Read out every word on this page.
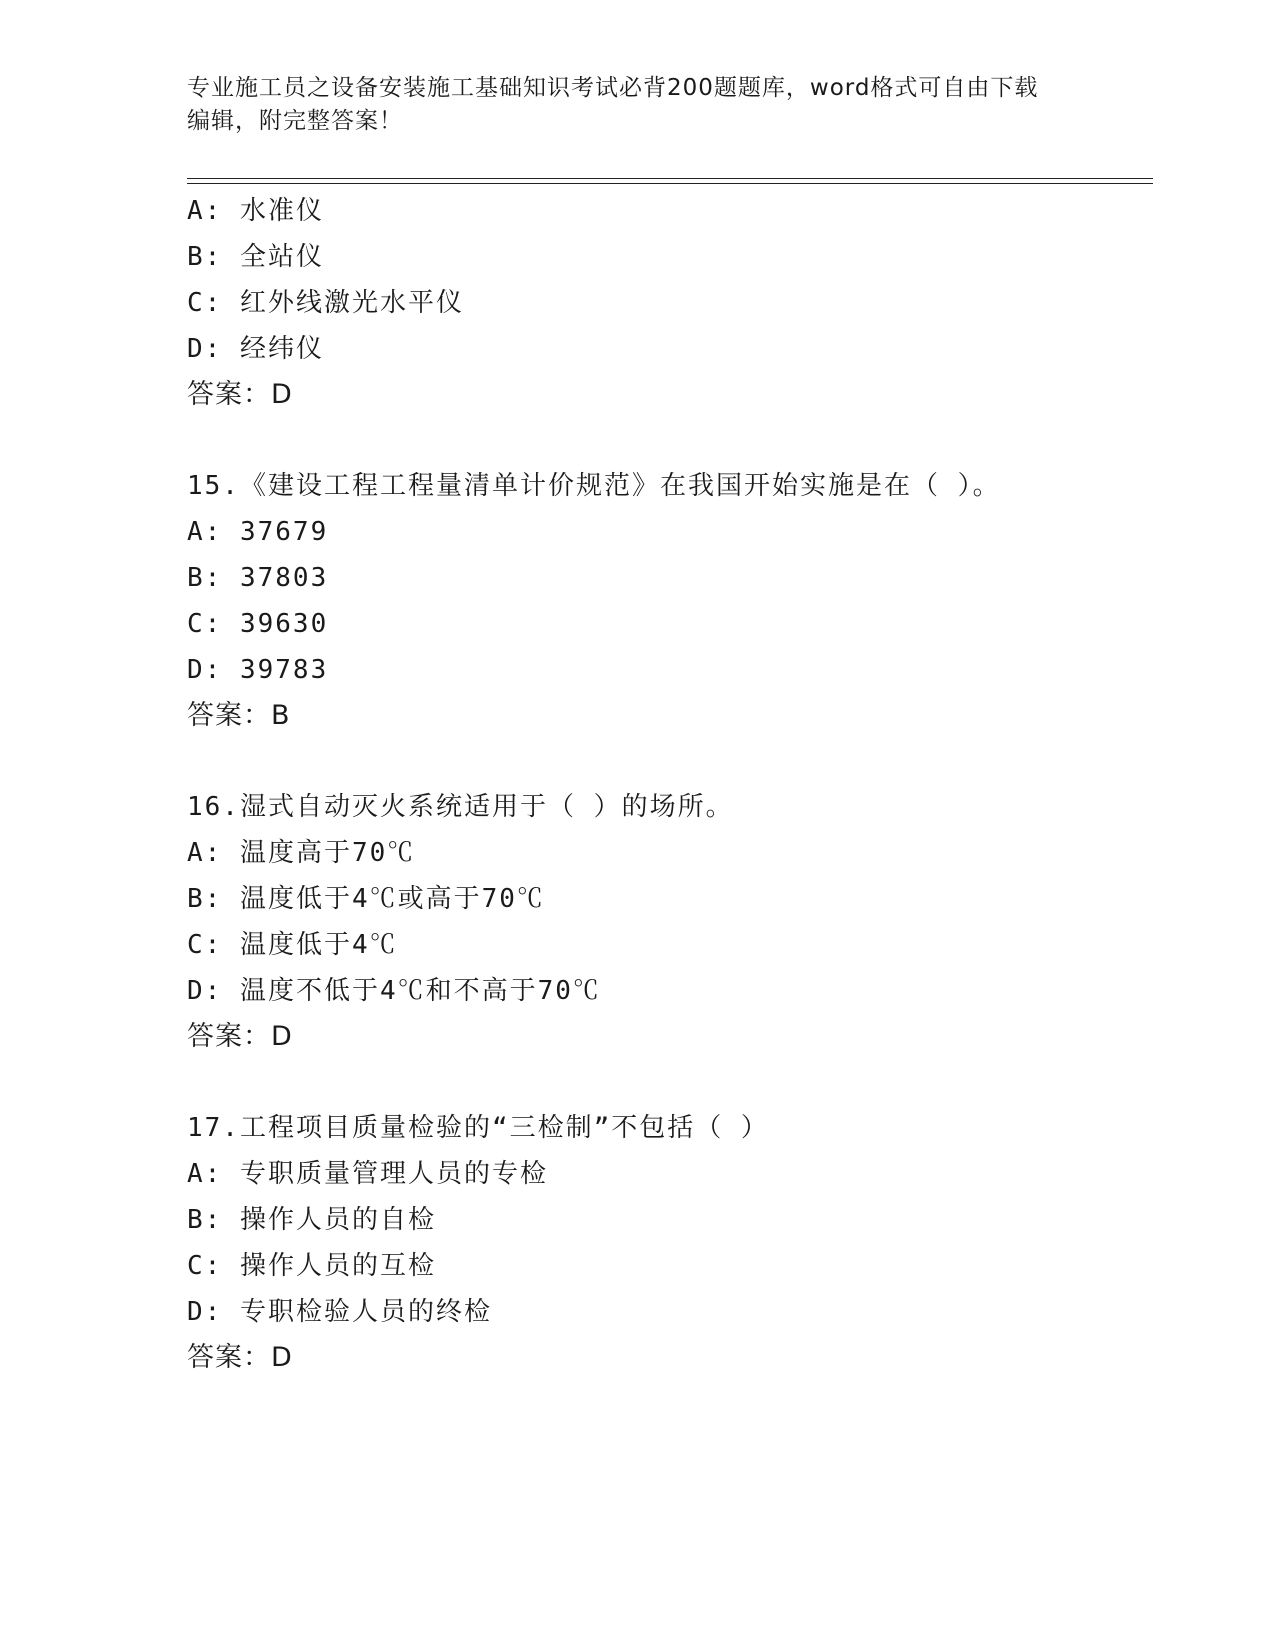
专业施工员之设备安装施工基础知识考试必背200题题库，word格式可自由下载
编辑，附完整答案！
A: 水准仪
B: 全站仪
C: 红外线激光水平仪
D: 经纬仪
答案：D
15.《建设工程工程量清单计价规范》在我国开始实施是在（ ）。
A: 37679
B: 37803
C: 39630
D: 39783
答案：B
16.湿式自动灭火系统适用于（ ）的场所。
A: 温度高于70℃
B: 温度低于4℃或高于70℃
C: 温度低于4℃
D: 温度不低于4℃和不高于70℃
答案：D
17.工程项目质量检验的“三检制”不包括（ ）
A: 专职质量管理人员的专检
B: 操作人员的自检
C: 操作人员的互检
D: 专职检验人员的终检
答案：D
